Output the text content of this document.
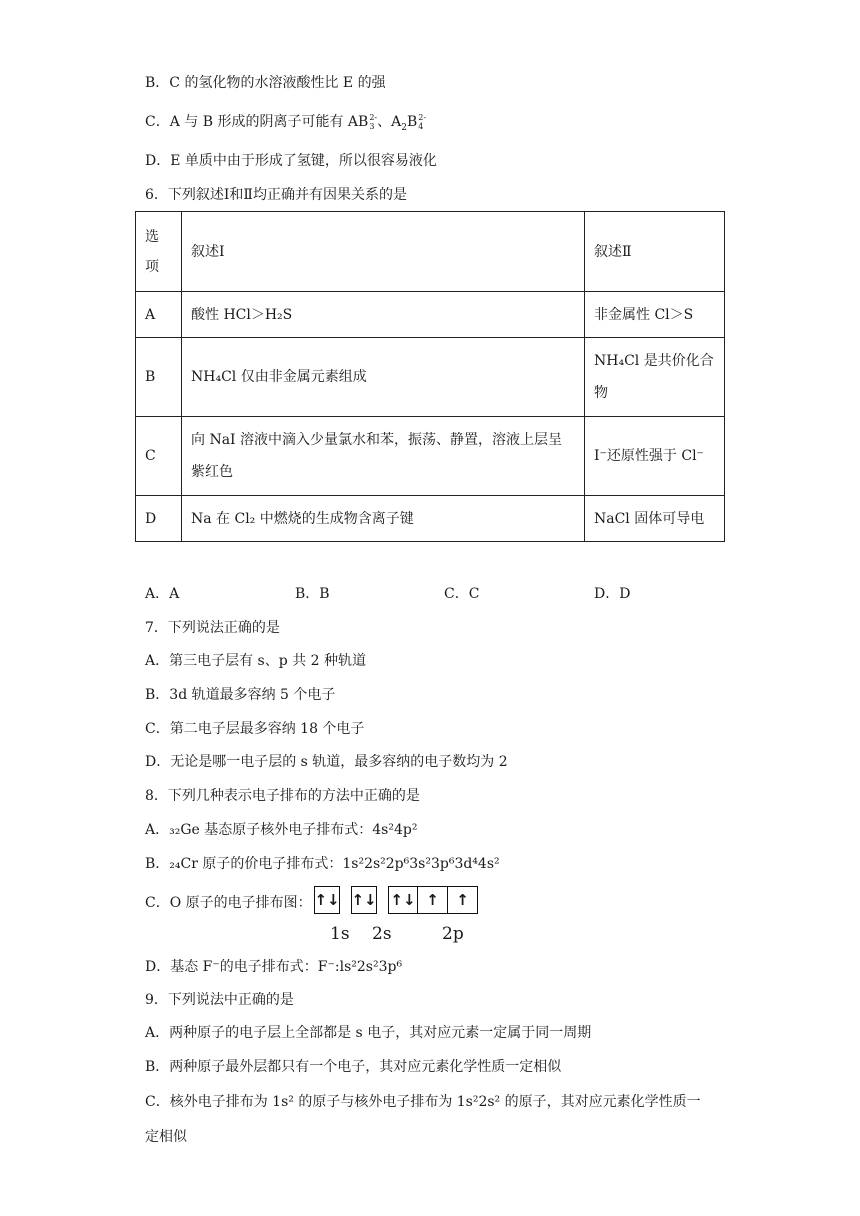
B．C 的氢化物的水溶液酸性比 E 的强
C．A 与 B 形成的阴离子可能有 AB 2-
3 、$A_2B$ 2-
4
D．E 单质中由于形成了氢键，所以很容易液化
6．下列叙述Ⅰ和Ⅱ均正确并有因果关系的是
选项	叙述Ⅰ	叙述Ⅱ
A	酸性 HCl＞H₂S	非金属性 Cl＞S
B	NH₄Cl 仅由非金属元素组成	NH₄Cl 是共价化合物
C	向 NaI 溶液中滴入少量氯水和苯，振荡、静置，溶液上层呈紫红色	I⁻还原性强于 Cl⁻
D	Na 在 Cl₂ 中燃烧的生成物含离子键	NaCl 固体可导电
A．A	B．B	C．C	D．D
7．下列说法正确的是
A．第三电子层有 s、p 共 2 种轨道
B．3d 轨道最多容纳 5 个电子
C．第二电子层最多容纳 18 个电子
D．无论是哪一电子层的 s 轨道，最多容纳的电子数均为 2
8．下列几种表示电子排布的方法中正确的是
A．₃₂Ge 基态原子核外电子排布式：4s²4p²
B．₂₄Cr 原子的价电子排布式：1s²2s²2p⁶3s²3p⁶3d⁴4s²
C．O 原子的电子排布图： ↑↓ ↑↓ ↑↓ ↑	↑
1s 2s	2p
D．基态 F⁻的电子排布式：F⁻:ls²2s²3p⁶
9．下列说法中正确的是
A．两种原子的电子层上全部都是 s 电子，其对应元素一定属于同一周期
B．两种原子最外层都只有一个电子，其对应元素化学性质一定相似
C．核外电子排布为 1s² 的原子与核外电子排布为 1s²2s² 的原子，其对应元素化学性质一
定相似
